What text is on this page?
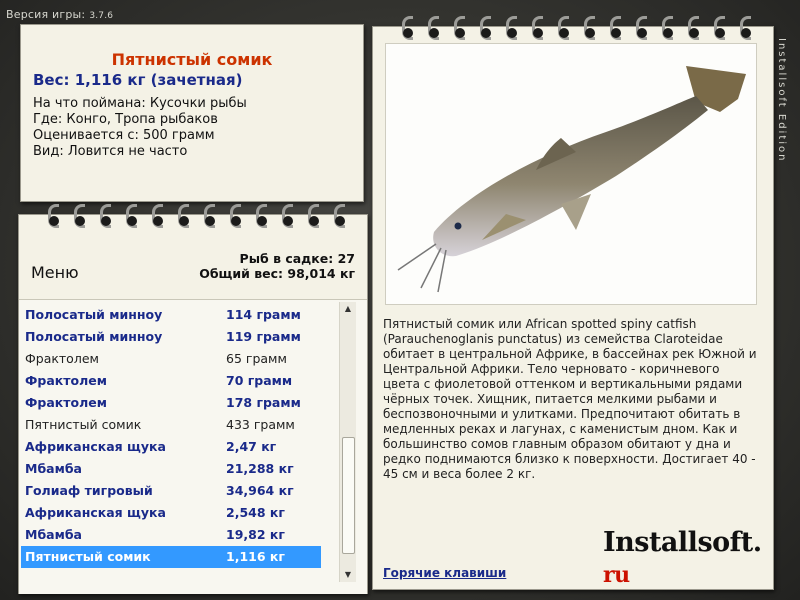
Версия игры: 3.7.6
Installsoft Edition
Пятнистый сомик
Вес: 1,116 кг (зачетная)
На что поймана: Кусочки рыбы
Где: Конго, Тропа рыбаков
Оценивается с: 500 грамм
Вид: Ловится не часто
Меню
Рыб в садке: 27
Общий вес: 98,014 кг
Полосатый минноу	114 грамм
Полосатый минноу	119 грамм
Фрактолем	65 грамм
Фрактолем	70 грамм
Фрактолем	178 грамм
Пятнистый сомик	433 грамм
Африканская щука	2,47 кг
Мбамба	21,288 кг
Голиаф тигровый	34,964 кг
Африканская щука	2,548 кг
Мбамба	19,82 кг
Пятнистый сомик	1,116 кг
▲
▼
Пятнистый сомик или African spotted spiny catfish (Parauchenoglanis punctatus) из семейства Claroteidae обитает в центральной Африке, в бассейнах рек Южной и Центральной Африки. Тело черновато - коричневого цвета с фиолетовой оттенком и вертикальными рядами чёрных точек. Хищник, питается мелкими рыбами и беспозвоночными и улитками. Предпочитают обитать в медленных реках и лагунах, с каменистым дном. Как и большинство сомов главным образом обитают у дна и редко поднимаются близко к поверхности. Достигает 40 - 45 см и веса более 2 кг.
Installsoft. ru
Горячие клавиши
